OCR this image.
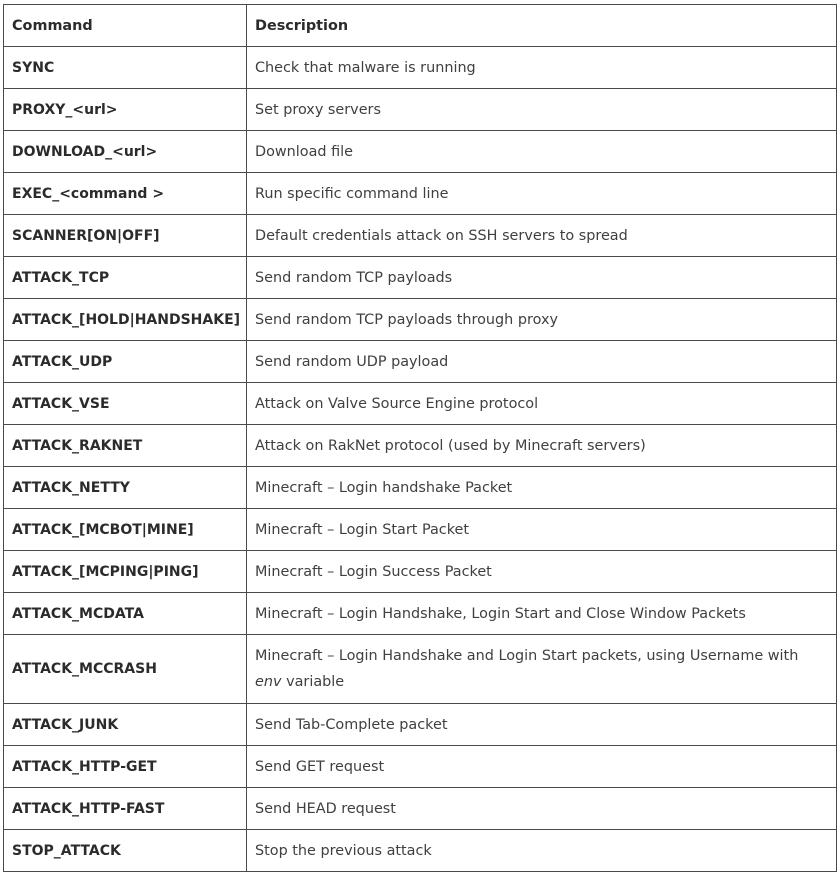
Command	Description
SYNC	Check that malware is running
PROXY_<url>	Set proxy servers
DOWNLOAD_<url>	Download file
EXEC_<command >	Run specific command line
SCANNER[ON|OFF]	Default credentials attack on SSH servers to spread
ATTACK_TCP	Send random TCP payloads
ATTACK_[HOLD|HANDSHAKE]	Send random TCP payloads through proxy
ATTACK_UDP	Send random UDP payload
ATTACK_VSE	Attack on Valve Source Engine protocol
ATTACK_RAKNET	Attack on RakNet protocol (used by Minecraft servers)
ATTACK_NETTY	Minecraft – Login handshake Packet
ATTACK_[MCBOT|MINE]	Minecraft – Login Start Packet
ATTACK_[MCPING|PING]	Minecraft – Login Success Packet
ATTACK_MCDATA	Minecraft – Login Handshake, Login Start and Close Window Packets
ATTACK_MCCRASH	Minecraft – Login Handshake and Login Start packets, using Username with env variable
ATTACK_JUNK	Send Tab-Complete packet
ATTACK_HTTP-GET	Send GET request
ATTACK_HTTP-FAST	Send HEAD request
STOP_ATTACK	Stop the previous attack
